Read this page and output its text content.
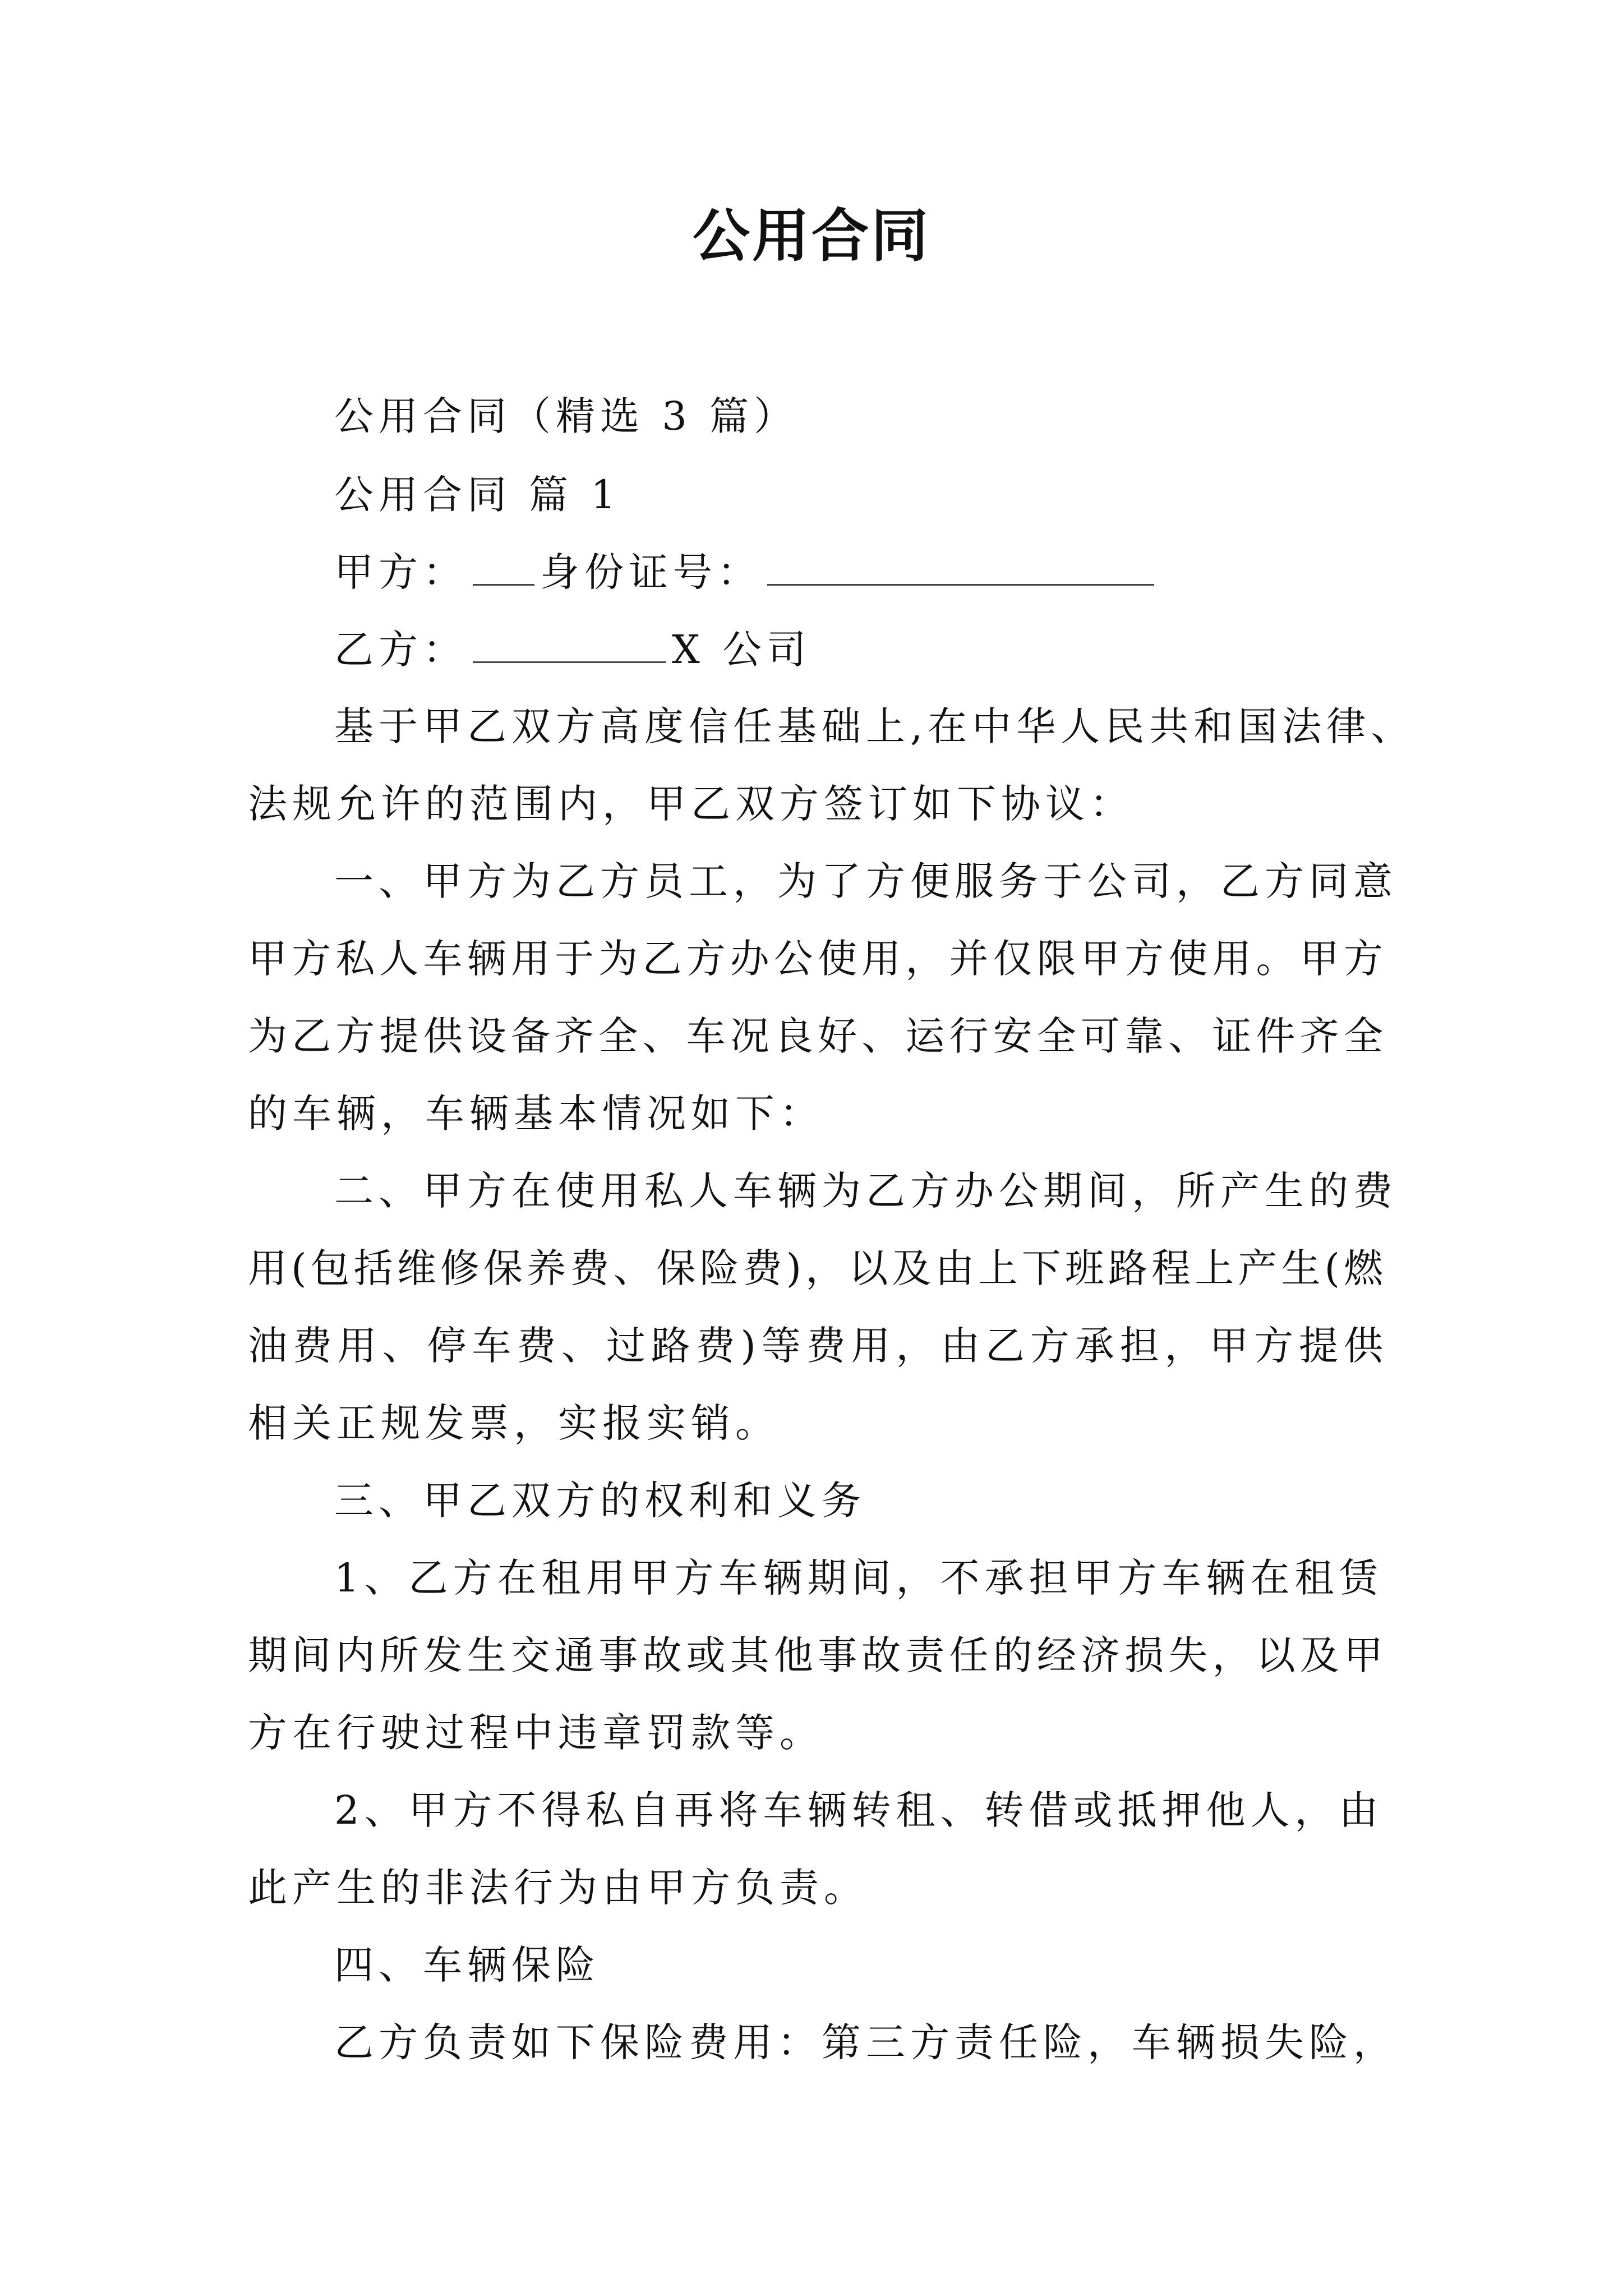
公用合同

公用合同（精选 3 篇）

公用合同 篇 1

甲方： 身份证号：

乙方：	X 公司

基于甲乙双方高度信任基础上,在中华人民共和国法律、

法规允许的范围内，甲乙双方签订如下协议：

一、甲方为乙方员工，为了方便服务于公司，乙方同意

甲方私人车辆用于为乙方办公使用，并仅限甲方使用。甲方

为乙方提供设备齐全、车况良好、运行安全可靠、证件齐全

的车辆，车辆基本情况如下：

二、甲方在使用私人车辆为乙方办公期间，所产生的费

用(包括维修保养费、保险费)，以及由上下班路程上产生(燃

油费用、停车费、过路费)等费用，由乙方承担，甲方提供

相关正规发票，实报实销。

三、甲乙双方的权利和义务

1、乙方在租用甲方车辆期间，不承担甲方车辆在租赁

期间内所发生交通事故或其他事故责任的经济损失，以及甲

方在行驶过程中违章罚款等。

2、甲方不得私自再将车辆转租、转借或抵押他人，由

此产生的非法行为由甲方负责。

四、车辆保险

乙方负责如下保险费用：第三方责任险，车辆损失险，
